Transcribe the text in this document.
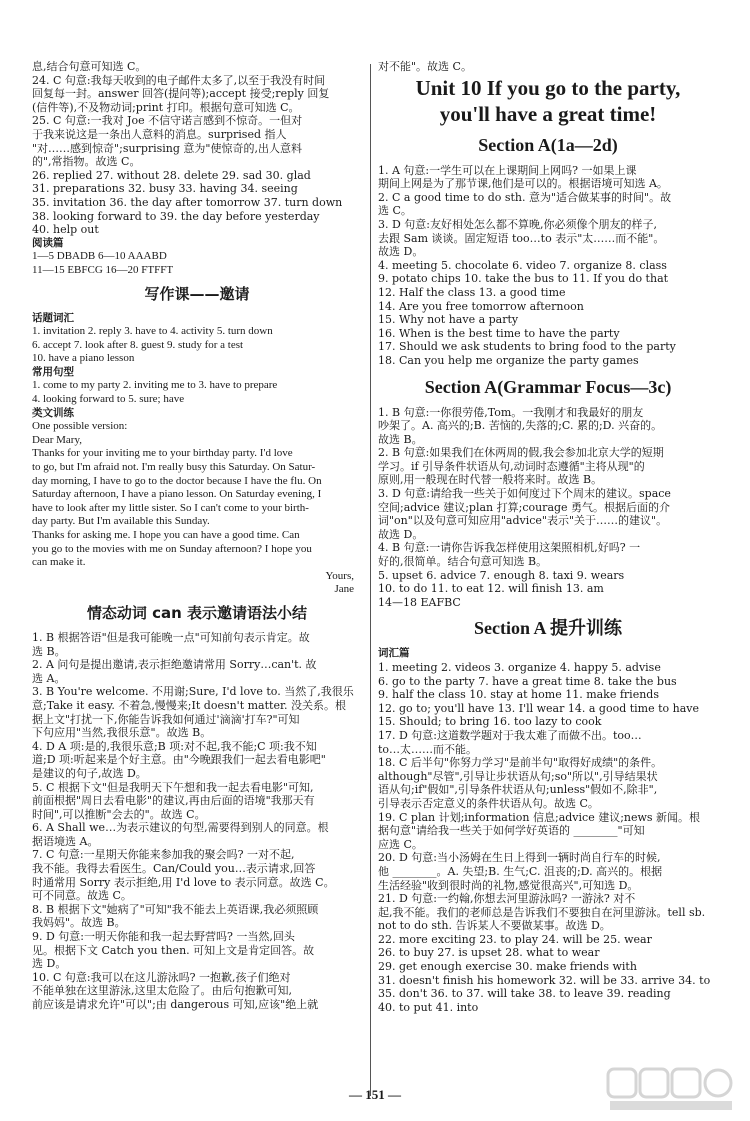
息,结合句意可知选 C。
24. C 句意:我每天收到的电子邮件太多了,以至于我没有时间
回复每一封。answer 回答(提问等);accept 接受;reply 回复
(信件等),不及物动词;print 打印。根据句意可知选 C。
25. C 句意:一我对 Joe 不信守诺言感到不惊奇。一但对
于我来说这是一条出人意料的消息。surprised 指人
"对……感到惊奇";surprising 意为"使惊奇的,出人意料
的",常指物。故选 C。
26. replied 27. without 28. delete 29. sad 30. glad
31. preparations 32. busy 33. having 34. seeing
35. invitation 36. the day after tomorrow 37. turn down
38. looking forward to 39. the day before yesterday
40. help out
阅读篇
1—5 DBADB 6—10 AAABD
11—15 EBFCG 16—20 FTFFT
写作课——邀请
话题词汇
1. invitation 2. reply 3. have to 4. activity 5. turn down
6. accept 7. look after 8. guest 9. study for a test
10. have a piano lesson
常用句型
1. come to my party 2. inviting me to 3. have to prepare
4. looking forward to 5. sure; have
类文训练
One possible version:
Dear Mary,
Thanks for your inviting me to your birthday party. I'd love
to go, but I'm afraid not. I'm really busy this Saturday. On Satur-
day morning, I have to go to the doctor because I have the flu. On
Saturday afternoon, I have a piano lesson. On Saturday evening, I
have to look after my little sister. So I can't come to your birth-
day party. But I'm available this Sunday.
Thanks for asking me. I hope you can have a good time. Can
you go to the movies with me on Sunday afternoon? I hope you
can make it.
Yours,
Jane
情态动词 can 表示邀请语法小结
1. B 根据答语"但是我可能晚一点"可知前句表示肯定。故
选 B。
2. A 问句是提出邀请,表示拒绝邀请常用 Sorry…can't. 故
选 A。
3. B You're welcome. 不用谢;Sure, I'd love to. 当然了,我很乐
意;Take it easy. 不着急,慢慢来;It doesn't matter. 没关系。根
据上文"打扰一下,你能告诉我如何通过'滴滴'打车?"可知
下句应用"当然,我很乐意"。故选 B。
4. D A 项:是的,我很乐意;B 项:对不起,我不能;C 项:我不知
道;D 项:听起来是个好主意。由"今晚跟我们一起去看电影吧"
是建议的句子,故选 D。
5. C 根据下文"但是我明天下午想和我一起去看电影"可知,
前面根据"周日去看电影"的建议,再由后面的语境"我那天有
时间",可以推断"会去的"。故选 C。
6. A Shall we…为表示建议的句型,需要得到别人的同意。根
据语境选 A。
7. C 句意:一星期天你能来参加我的聚会吗? 一对不起,
我不能。我得去看医生。Can/Could you…表示请求,回答
时通常用 Sorry 表示拒绝,用 I'd love to 表示同意。故选 C。
可不同意。故选 C。
8. B 根据下文"她病了"可知"我不能去上英语课,我必须照顾
我妈妈"。故选 B。
9. D 句意:一明天你能和我一起去野营吗? 一当然,回头
见。根据下文 Catch you then. 可知上文是肯定回答。故
选 D。
10. C 句意:我可以在这儿游泳吗? 一抱歉,孩子们绝对
不能单独在这里游泳,这里太危险了。由后句抱歉可知,
前应该是请求允许"可以";由 dangerous 可知,应该"绝上就
对不能"。故选 C。
Unit 10 If you go to the party,
you'll have a great time!
Section A(1a—2d)
1. A 句意:一学生可以在上课期间上网吗? 一如果上课
期间上网是为了那节课,他们是可以的。根据语境可知选 A。
2. C a good time to do sth. 意为"适合做某事的时间"。故
选 C。
3. D 句意:友好相处怎么都不算晚,你必须像个朋友的样子,
去跟 Sam 谈谈。固定短语 too…to 表示"太……而不能"。
故选 D。
4. meeting 5. chocolate 6. video 7. organize 8. class
9. potato chips 10. take the bus to 11. If you do that
12. Half the class 13. a good time
14. Are you free tomorrow afternoon
15. Why not have a party
16. When is the best time to have the party
17. Should we ask students to bring food to the party
18. Can you help me organize the party games
Section A(Grammar Focus—3c)
1. B 句意:一你很劳倦,Tom。一我刚才和我最好的朋友
吵架了。A. 高兴的;B. 苦恼的,失落的;C. 累的;D. 兴奋的。
故选 B。
2. B 句意:如果我们在休两周的假,我会参加北京大学的短期
学习。if 引导条件状语从句,动词时态遵循"主将从现"的
原则,用一般现在时代替一般将来时。故选 B。
3. D 句意:请给我一些关于如何度过下个周末的建议。space
空间;advice 建议;plan 打算;courage 勇气。根据后面的介
词"on"以及句意可知应用"advice"表示"关于……的建议"。
故选 D。
4. B 句意:一请你告诉我怎样使用这架照相机,好吗? 一
好的,很简单。结合句意可知选 B。
5. upset 6. advice 7. enough 8. taxi 9. wears
10. to do 11. to eat 12. will finish 13. am
14—18 EAFBC
Section A 提升训练
词汇篇
1. meeting 2. videos 3. organize 4. happy 5. advise
6. go to the party 7. have a great time 8. take the bus
9. half the class 10. stay at home 11. make friends
12. go to; you'll have 13. I'll wear 14. a good time to have
15. Should; to bring 16. too lazy to cook
17. D 句意:这道数学题对于我太难了而做不出。too…
to…太……而不能。
18. C 后半句"你努力学习"是前半句"取得好成绩"的条件。
although"尽管",引导让步状语从句;so"所以",引导结果状
语从句;if"假如",引导条件状语从句;unless"假如不,除非",
引导表示否定意义的条件状语从句。故选 C。
19. C plan 计划;information 信息;advice 建议;news 新闻。根
据句意"请给我一些关于如何学好英语的 ________"可知
应选 C。
20. D 句意:当小汤姆在生日上得到一辆时尚自行车的时候,
他 ________。A. 失望;B. 生气;C. 沮丧的;D. 高兴的。根据
生活经验"收到很时尚的礼物,感觉很高兴",可知选 D。
21. D 句意:一约翰,你想去河里游泳吗? 一游泳? 对不
起,我不能。我们的老师总是告诉我们不要独自在河里游泳。tell sb.
not to do sth. 告诉某人不要做某事。故选 D。
22. more exciting 23. to play 24. will be 25. wear
26. to buy 27. is upset 28. what to wear
29. get enough exercise 30. make friends with
31. doesn't finish his homework 32. will be 33. arrive 34. to
35. don't 36. to 37. will take 38. to leave 39. reading
40. to put 41. into
— 151 —
